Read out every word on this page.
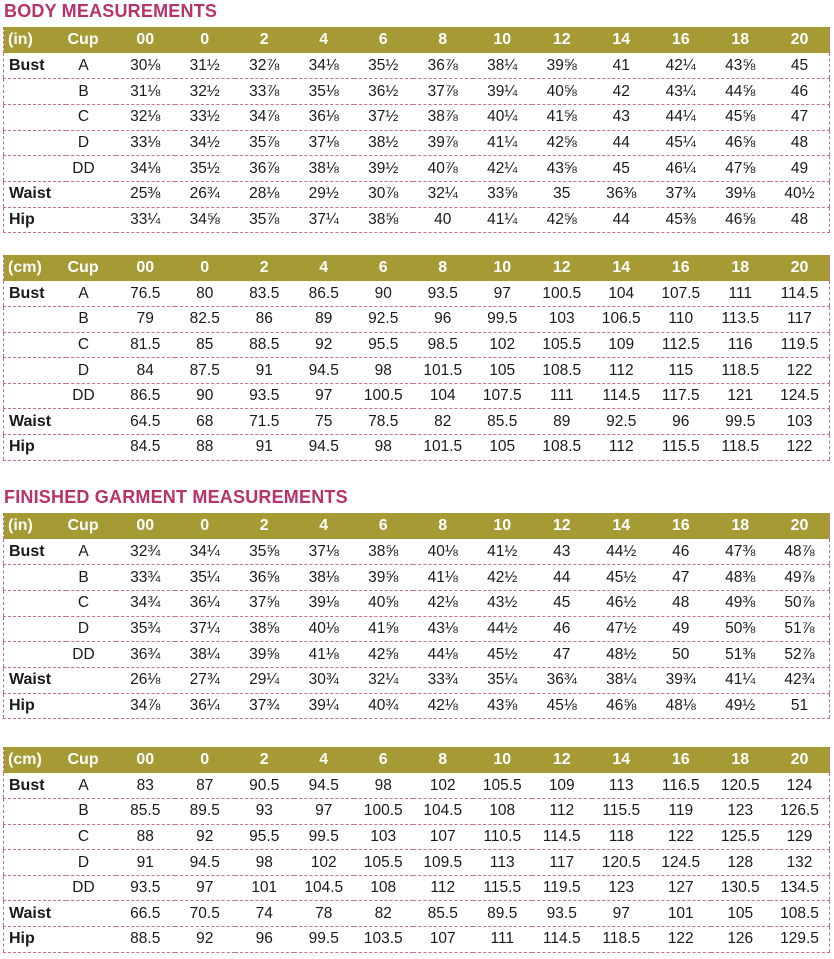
BODY MEASUREMENTS
(in)	Cup	00	0	2	4	6	8	10	12	14	16	18	20
Bust	A	30⅛	31½	32⅞	34⅛	35½	36⅞	38¼	39⅝	41	42¼	43⅝	45
	B	31⅛	32½	33⅞	35⅛	36½	37⅞	39¼	40⅝	42	43¼	44⅝	46
	C	32⅛	33½	34⅞	36⅛	37½	38⅞	40¼	41⅝	43	44¼	45⅝	47
	D	33⅛	34½	35⅞	37⅛	38½	39⅞	41¼	42⅝	44	45¼	46⅝	48
	DD	34⅛	35½	36⅞	38⅛	39½	40⅞	42¼	43⅝	45	46¼	47⅝	49
Waist		25⅜	26¾	28⅛	29½	30⅞	32¼	33⅝	35	36⅜	37¾	39⅛	40½
Hip		33¼	34⅝	35⅞	37¼	38⅝	40	41¼	42⅝	44	45⅜	46⅝	48
(cm)	Cup	00	0	2	4	6	8	10	12	14	16	18	20
Bust	A	76.5	80	83.5	86.5	90	93.5	97	100.5	104	107.5	111	114.5
	B	79	82.5	86	89	92.5	96	99.5	103	106.5	110	113.5	117
	C	81.5	85	88.5	92	95.5	98.5	102	105.5	109	112.5	116	119.5
	D	84	87.5	91	94.5	98	101.5	105	108.5	112	115	118.5	122
	DD	86.5	90	93.5	97	100.5	104	107.5	111	114.5	117.5	121	124.5
Waist		64.5	68	71.5	75	78.5	82	85.5	89	92.5	96	99.5	103
Hip		84.5	88	91	94.5	98	101.5	105	108.5	112	115.5	118.5	122
FINISHED GARMENT MEASUREMENTS
(in)	Cup	00	0	2	4	6	8	10	12	14	16	18	20
Bust	A	32¾	34¼	35⅝	37⅛	38⅝	40⅛	41½	43	44½	46	47⅜	48⅞
	B	33¾	35¼	36⅝	38⅛	39⅝	41⅛	42½	44	45½	47	48⅜	49⅞
	C	34¾	36¼	37⅝	39⅛	40⅝	42⅛	43½	45	46½	48	49⅜	50⅞
	D	35¾	37¼	38⅝	40⅛	41⅝	43⅛	44½	46	47½	49	50⅜	51⅞
	DD	36¾	38¼	39⅝	41⅛	42⅝	44⅛	45½	47	48½	50	51⅜	52⅞
Waist		26⅛	27¾	29¼	30¾	32¼	33¾	35¼	36¾	38¼	39¾	41¼	42¾
Hip		34⅞	36¼	37¾	39¼	40¾	42⅛	43⅝	45⅛	46⅝	48⅛	49½	51
(cm)	Cup	00	0	2	4	6	8	10	12	14	16	18	20
Bust	A	83	87	90.5	94.5	98	102	105.5	109	113	116.5	120.5	124
	B	85.5	89.5	93	97	100.5	104.5	108	112	115.5	119	123	126.5
	C	88	92	95.5	99.5	103	107	110.5	114.5	118	122	125.5	129
	D	91	94.5	98	102	105.5	109.5	113	117	120.5	124.5	128	132
	DD	93.5	97	101	104.5	108	112	115.5	119.5	123	127	130.5	134.5
Waist		66.5	70.5	74	78	82	85.5	89.5	93.5	97	101	105	108.5
Hip		88.5	92	96	99.5	103.5	107	111	114.5	118.5	122	126	129.5
